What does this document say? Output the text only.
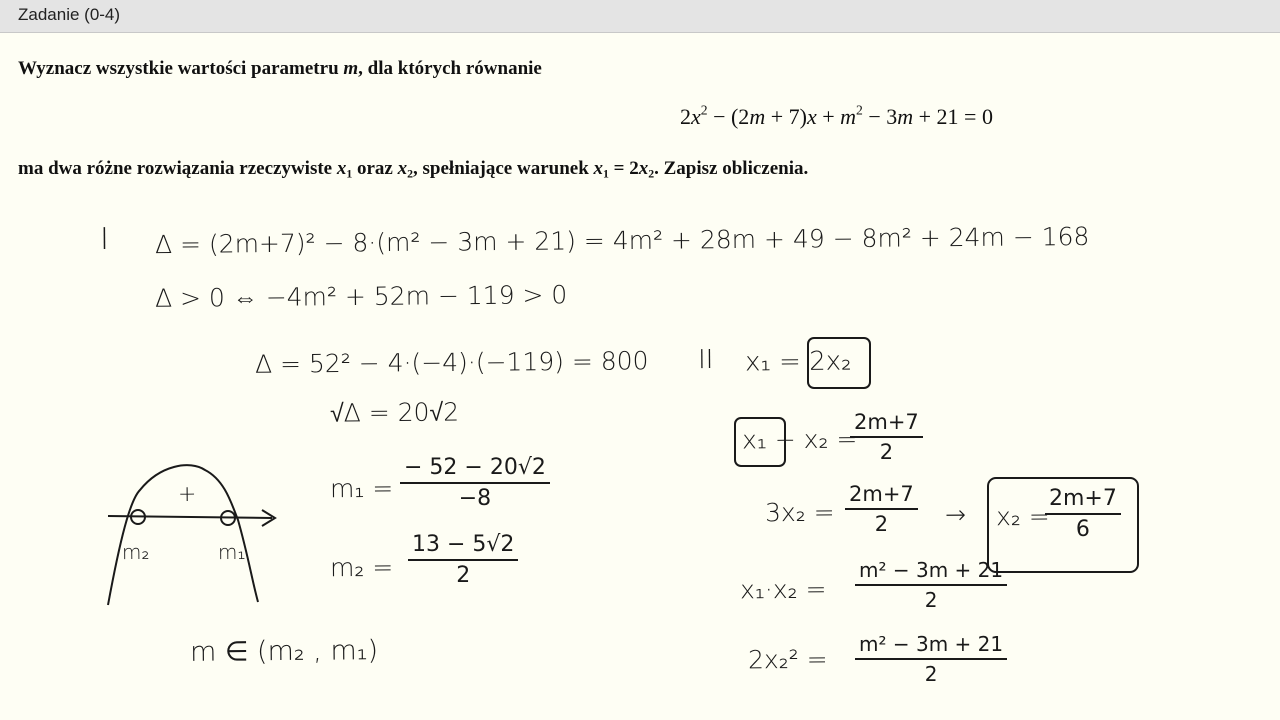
Zadanie (0-4)
Wyznacz wszystkie wartości parametru m, dla których równanie
$2x^2 - (2m + 7)x + m^2 - 3m + 21 = 0$
ma dwa różne rozwiązania rzeczywiste $x_1$ oraz $x_2$, spełniające warunek $x_1 = 2x_2$. Zapisz obliczenia.
I Δ = (2m+7)² − 8·(m² − 3m + 21) = 4m² + 28m + 49 − 8m² + 24m − 168
Δ > 0 ⇔ −4m² + 52m − 119 > 0
Δ = 52² − 4·(−4)·(−119) = 800
√Δ = 20√2
$m_1 = \frac{- 52 - 20√2}{-8}$
$m_2 = \frac{13 - 5√2}{2}$
+
m₂	m₁
m ∈ (m₂ , m₁)
II x₁ = 2x₂
x₁ + x₂ =
$\frac{2m+7}{2}$
$3x_2 = \frac{2m+7}{2} \to x_2$ =
$\frac{2m+7}{6}$
$x_1\cdot x_2 = \frac{\text{m² − 3m + 21}}{2}$
$2x_2^2 = \frac{\text{m² − 3m + 21}}{2}$
